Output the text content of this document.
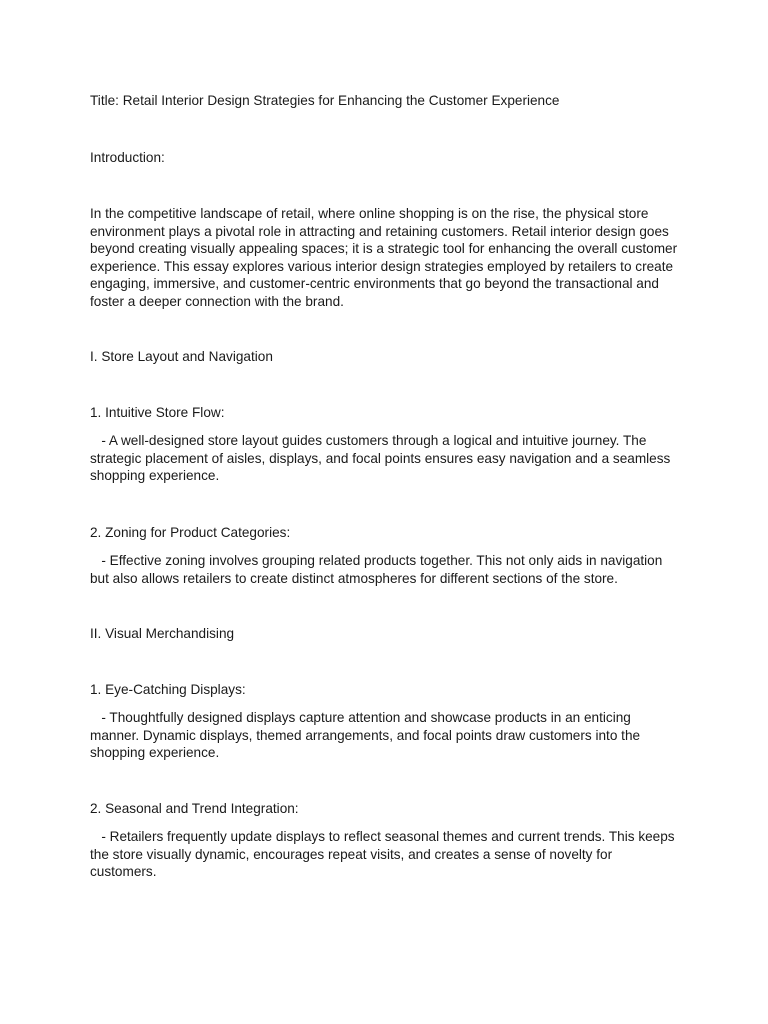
Title: Retail Interior Design Strategies for Enhancing the Customer Experience

Introduction:

In the competitive landscape of retail, where online shopping is on the rise, the physical store environment plays a pivotal role in attracting and retaining customers. Retail interior design goes beyond creating visually appealing spaces; it is a strategic tool for enhancing the overall customer experience. This essay explores various interior design strategies employed by retailers to create engaging, immersive, and customer-centric environments that go beyond the transactional and foster a deeper connection with the brand.

I. Store Layout and Navigation

1. Intuitive Store Flow:

- A well-designed store layout guides customers through a logical and intuitive journey. The strategic placement of aisles, displays, and focal points ensures easy navigation and a seamless shopping experience.

2. Zoning for Product Categories:

- Effective zoning involves grouping related products together. This not only aids in navigation but also allows retailers to create distinct atmospheres for different sections of the store.

II. Visual Merchandising

1. Eye-Catching Displays:

- Thoughtfully designed displays capture attention and showcase products in an enticing manner. Dynamic displays, themed arrangements, and focal points draw customers into the shopping experience.

2. Seasonal and Trend Integration:

- Retailers frequently update displays to reflect seasonal themes and current trends. This keeps the store visually dynamic, encourages repeat visits, and creates a sense of novelty for customers.
